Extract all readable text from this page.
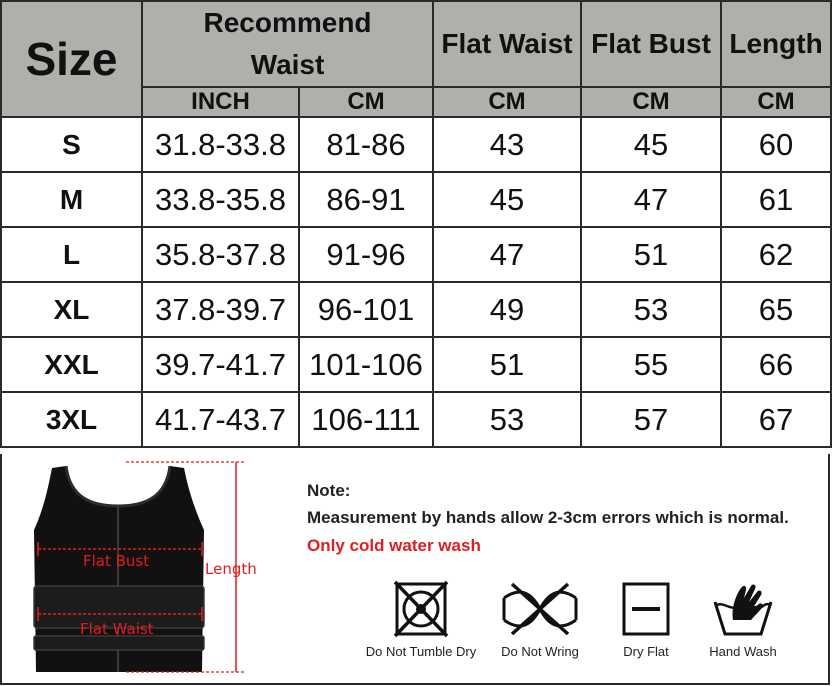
Size	Recommend
Waist		Flat Waist	Flat Bust	Length
	INCH	CM	CM	CM	CM
S	31.8-33.8	81-86	43	45	60
M	33.8-35.8	86-91	45	47	61
L	35.8-37.8	91-96	47	51	62
XL	37.8-39.7	96-101	49	53	65
XXL	39.7-41.7	101-106	51	55	66
3XL	41.7-43.7	106-111	53	57	67
Flat Bust
Flat Waist
Length
Note:
Measurement by hands allow 2-3cm errors which is normal.
Only cold water wash
Do Not Tumble Dry	Do Not Wring	Dry Flat	Hand Wash
